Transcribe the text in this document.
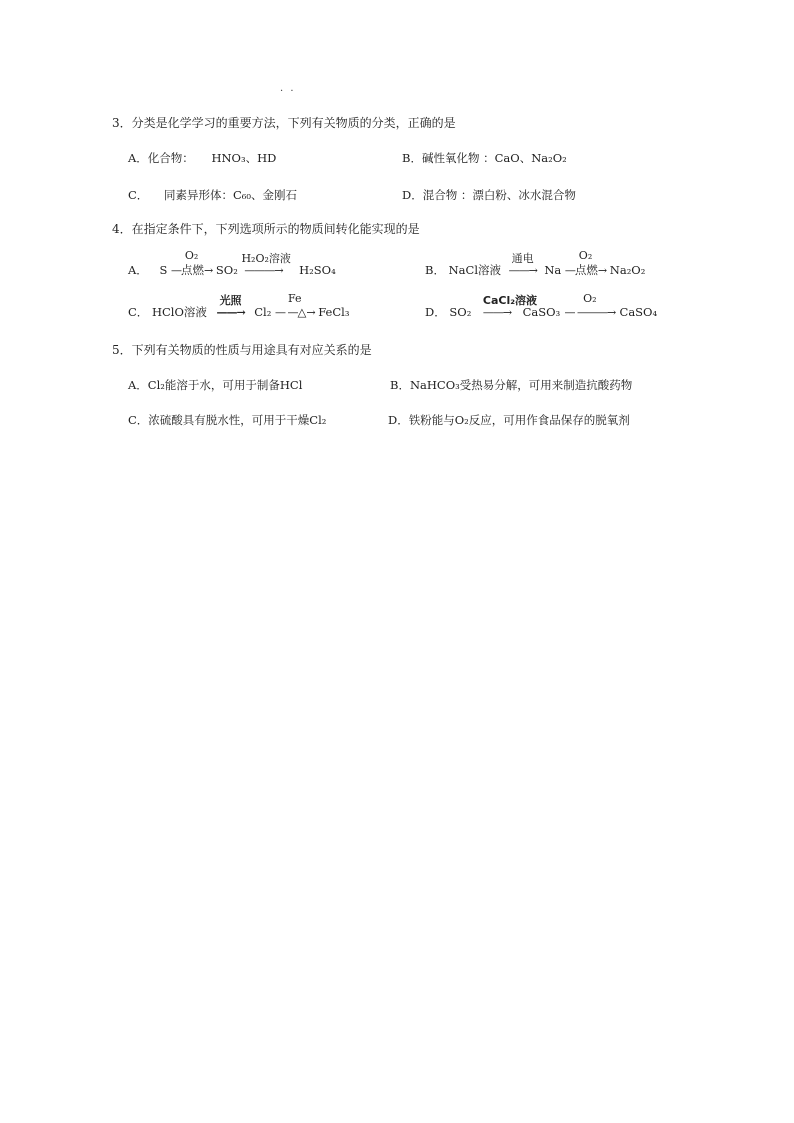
· ·
3．分类是化学学习的重要方法，下列有关物质的分类，正确的是
A．化合物： HNO₃、HD	B．碱性氧化物 ：CaO、Na₂O₂
C． 同素异形体：C₆₀、金刚石	D．混合物 ：漂白粉、冰水混合物
4．在指定条件下，下列选项所示的物质间转化能实现的是
A． S
O₂
—点燃→ SO₂
H₂O₂溶液
———→ H₂SO₄	B． NaCl溶液
通电
——→ Na
O₂
—点燃→ Na₂O₂
C． HClO溶液
光照
——→ Cl₂
Fe
— —△→ FeCl₃	D． SO₂
CaCl₂溶液
——→ CaSO₃
O₂
— ———→ CaSO₄
5．下列有关物质的性质与用途具有对应关系的是
A．Cl₂能溶于水，可用于制备HCl	B．NaHCO₃受热易分解，可用来制造抗酸药物
C．浓硫酸具有脱水性，可用于干燥Cl₂	D．铁粉能与O₂反应，可用作食品保存的脱氧剂
